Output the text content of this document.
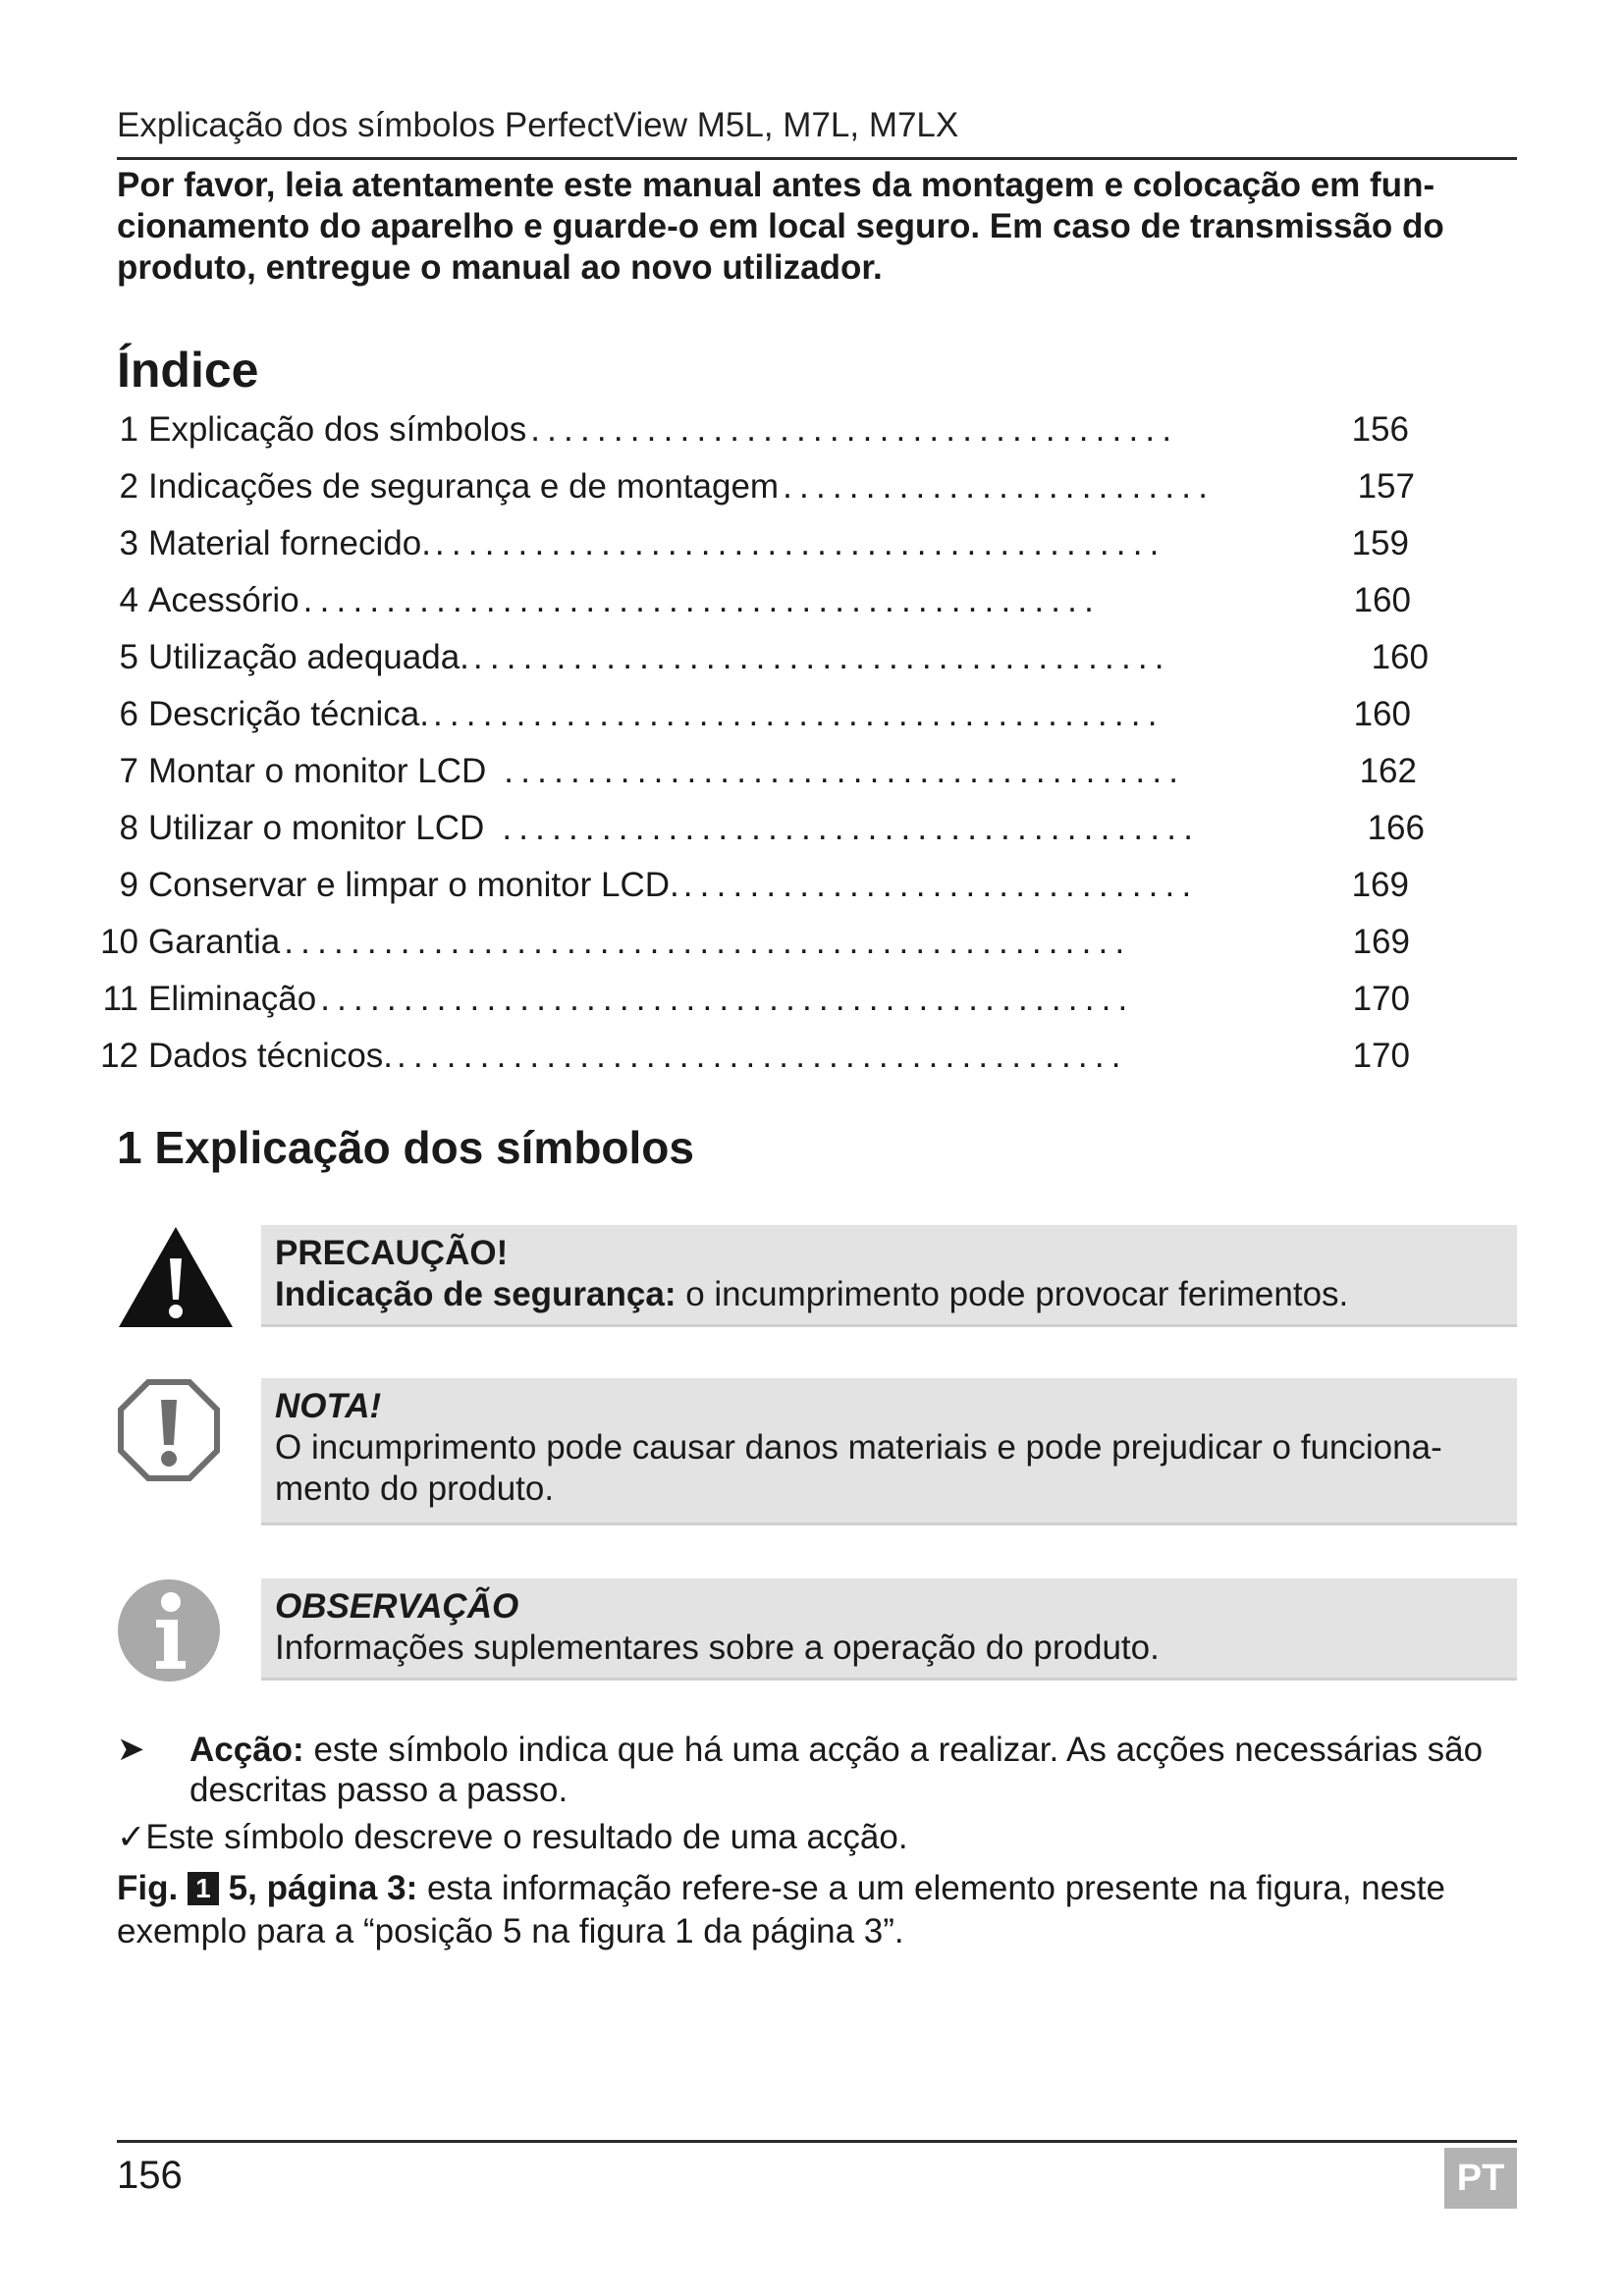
Explicação dos símbolos PerfectView M5L, M7L, M7LX

Por favor, leia atentamente este manual antes da montagem e colocação em fun-cionamento do aparelho e guarde-o em local seguro. Em caso de transmissão do produto, entregue o manual ao novo utilizador.

Índice
1 Explicação dos símbolos .......................................	156
2 Indicações de segurança e de montagem ..........................	157
3 Material fornecido. ............................................	159
4 Acessório ................................................	160
5 Utilização adequada. ..........................................	160
6 Descrição técnica. ............................................	160
7 Montar o monitor LCD .........................................	162
8 Utilizar o monitor LCD ..........................................	166
9 Conservar e limpar o monitor LCD. ...............................	169
10 Garantia ...................................................	169
11 Eliminação .................................................	170
12 Dados técnicos. ............................................	170
1 Explicação dos símbolos
PRECAUÇÃO!
Indicação de segurança: o incumprimento pode provocar ferimentos.
NOTA!
O incumprimento pode causar danos materiais e pode prejudicar o funciona-mento do produto.
OBSERVAÇÃO
Informações suplementares sobre a operação do produto.
➤ Acção: este símbolo indica que há uma acção a realizar. As acções necessárias são descritas passo a passo.
✓Este símbolo descreve o resultado de uma acção.
Fig. 1 5, página 3: esta informação refere-se a um elemento presente na figura, neste exemplo para a “posição 5 na figura 1 da página 3”.
156	PT
